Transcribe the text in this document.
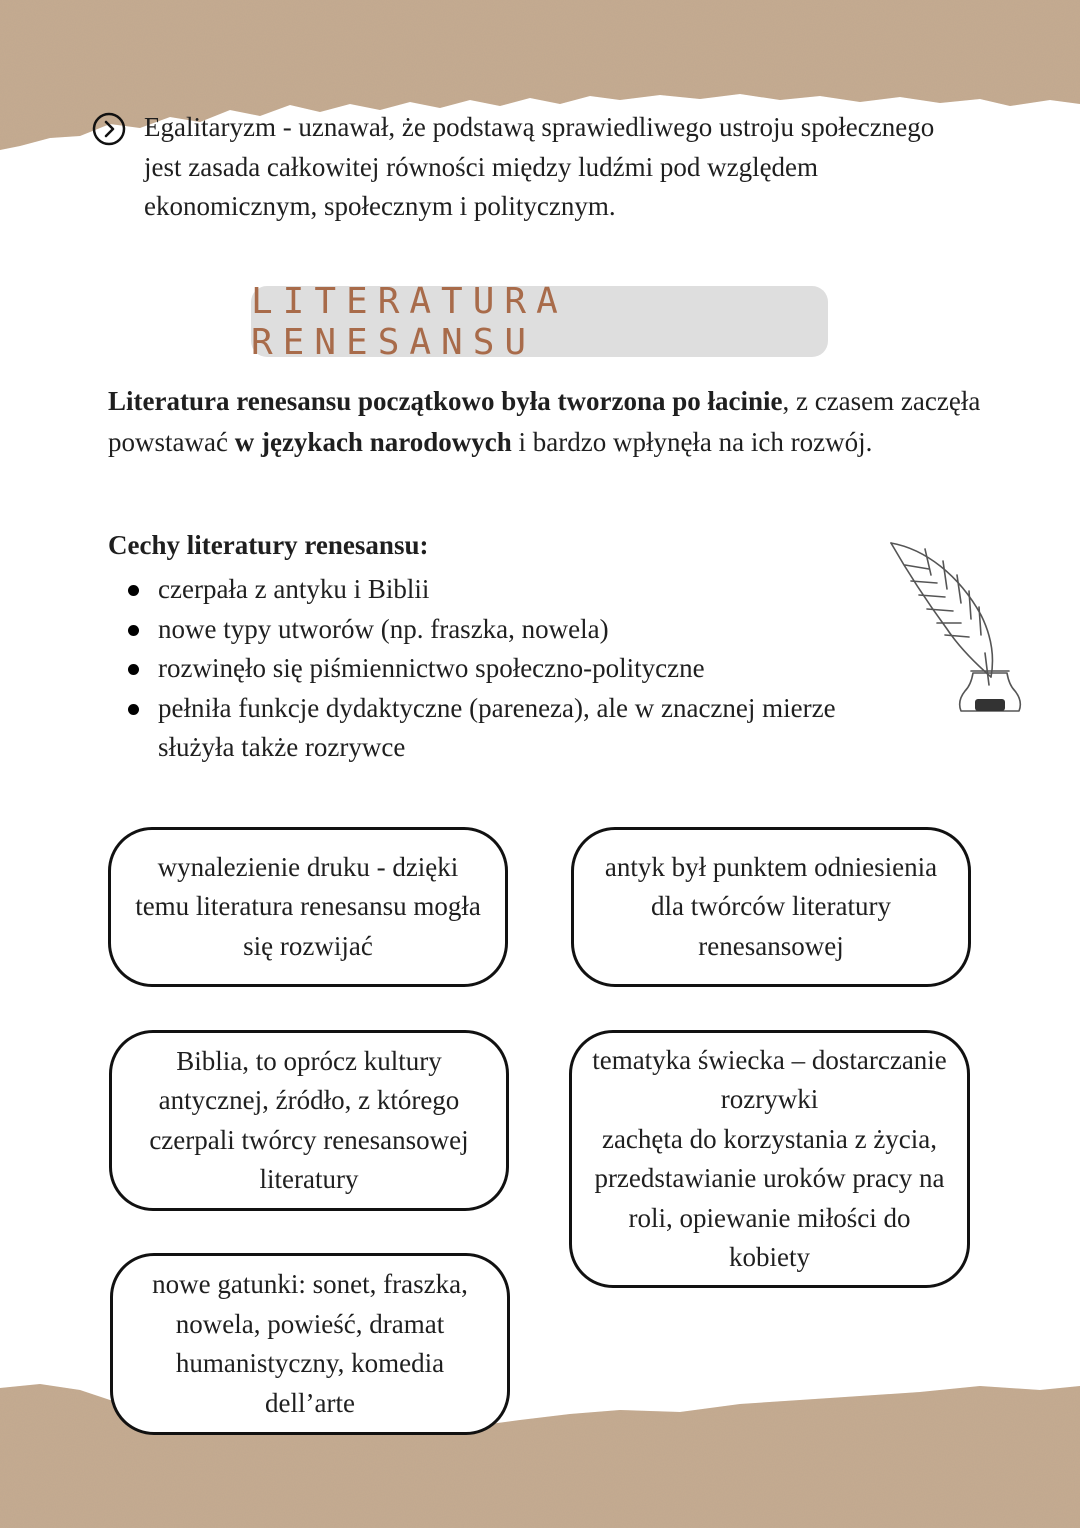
Egalitaryzm - uznawał, że podstawą sprawiedliwego ustroju społecznego jest zasada całkowitej równości między ludźmi pod względem ekonomicznym, społecznym i politycznym.
LITERATURA RENESANSU

Literatura renesansu początkowo była tworzona po łacinie, z czasem zaczęła powstawać w językach narodowych i bardzo wpłynęła na ich rozwój.

Cechy literatury renesansu:

czerpała z antyku i Biblii
nowe typy utworów (np. fraszka, nowela)
rozwinęło się piśmiennictwo społeczno-polityczne
pełniła funkcje dydaktyczne (pareneza), ale w znacznej mierze służyła także rozrywce
wynalezienie druku - dzięki
temu literatura renesansu mogła
się rozwijać
antyk był punktem odniesienia
dla twórców literatury
renesansowej
Biblia, to oprócz kultury
antycznej, źródło, z którego
czerpali twórcy renesansowej
literatury
tematyka świecka – dostarczanie
rozrywki
zachęta do korzystania z życia,
przedstawianie uroków pracy na
roli, opiewanie miłości do
kobiety
nowe gatunki: sonet, fraszka,
nowela, powieść, dramat
humanistyczny, komedia
dell’arte
